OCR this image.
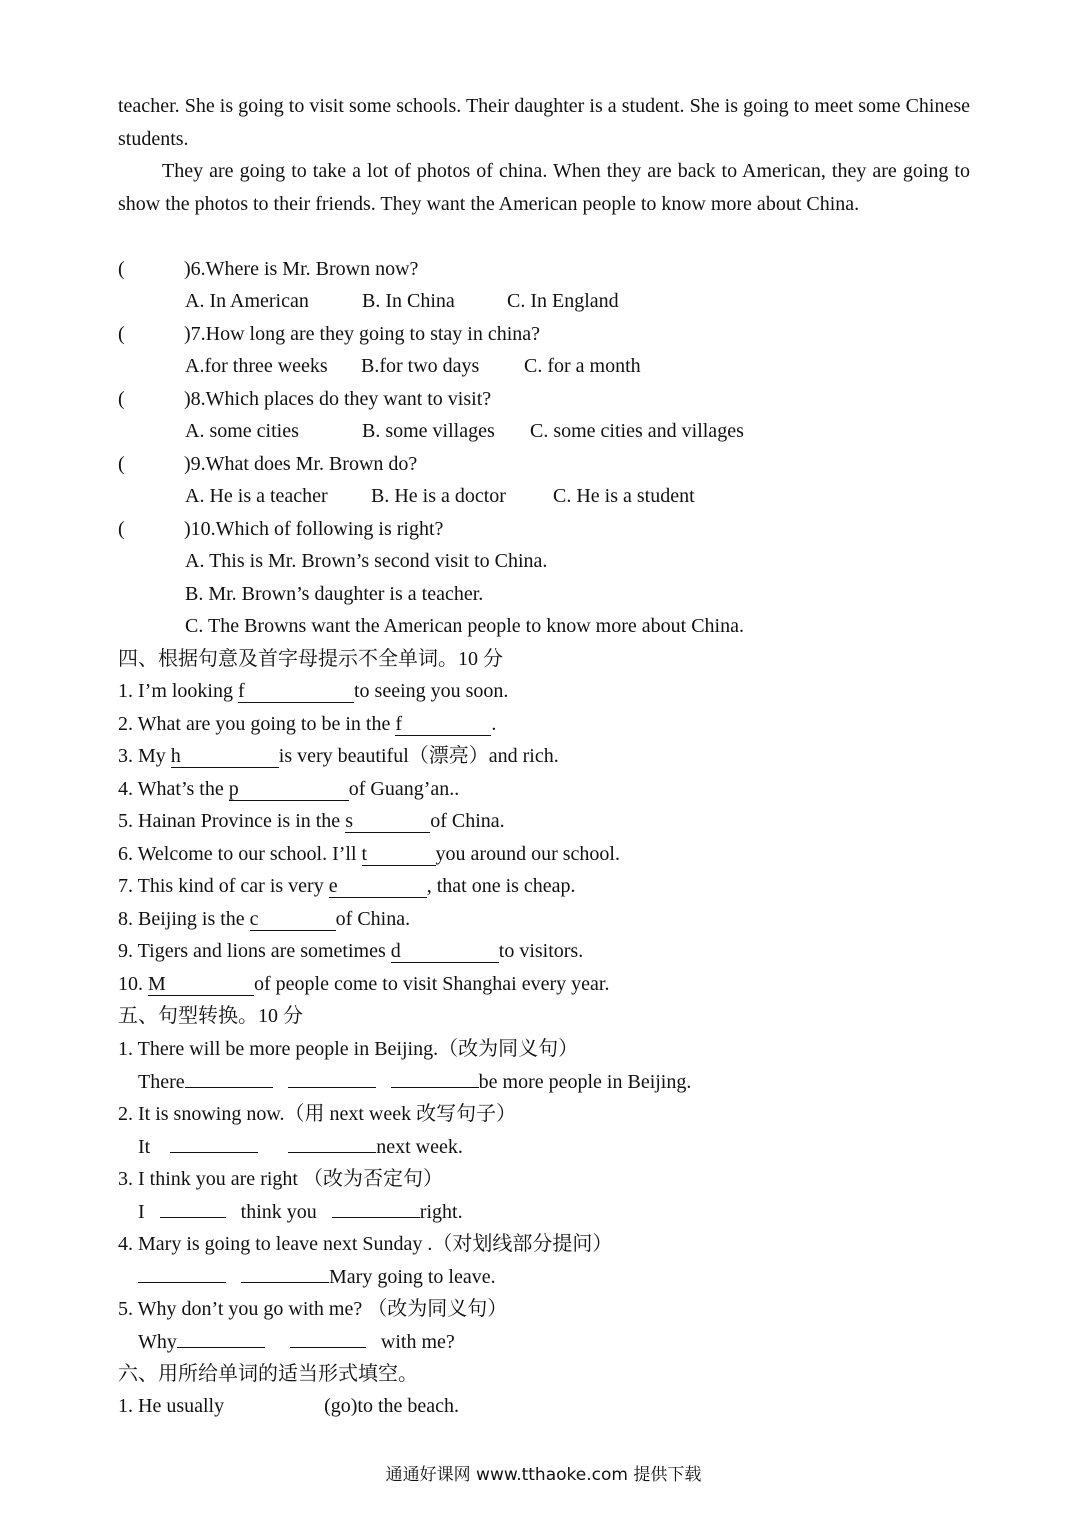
teacher. She is going to visit some schools. Their daughter is a student. She is going to meet some Chinese students.

They are going to take a lot of photos of china. When they are back to American, they are going to show the photos to their friends. They want the American people to know more about China.

(	)6.Where is Mr. Brown now?
A. In American	B. In China	C. In England
(	)7.How long are they going to stay in china?
A.for three weeks B.for two days C. for a month
(	)8.Which places do they want to visit?
A. some cities	B. some villages C. some cities and villages
(	)9.What does Mr. Brown do?
A. He is a teacher B. He is a doctor C. He is a student
(	)10.Which of following is right?
A. This is Mr. Brown’s second visit to China.
B. Mr. Brown’s daughter is a teacher.
C. The Browns want the American people to know more about China.
四、根据句意及首字母提示不全单词。10 分
1. I’m looking f	to seeing you soon.
2. What are you going to be in the f	.
3. My h	is very beautiful（漂亮）and rich.
4. What’s the p	of Guang’an..
5. Hainan Province is in the s	of China.
6. Welcome to our school. I’ll t	you around our school.
7. This kind of car is very e	, that one is cheap.
8. Beijing is the c	of China.
9. Tigers and lions are sometimes d	to visitors.
10. M	of people come to visit Shanghai every year.
五、句型转换。10 分
1. There will be more people in Beijing.（改为同义句）
There	be more people in Beijing.
2. It is snowing now.（用 next week 改写句子）
It	next week.
3. I think you are right （改为否定句）
I	think you	right.
4. Mary is going to leave next Sunday .（对划线部分提问）
Mary going to leave.
5. Why don’t you go with me? （改为同义句）
Why	with me?
六、用所给单词的适当形式填空。
1. He usually	(go)to the beach.
通通好课网 www.tthaoke.com 提供下载
